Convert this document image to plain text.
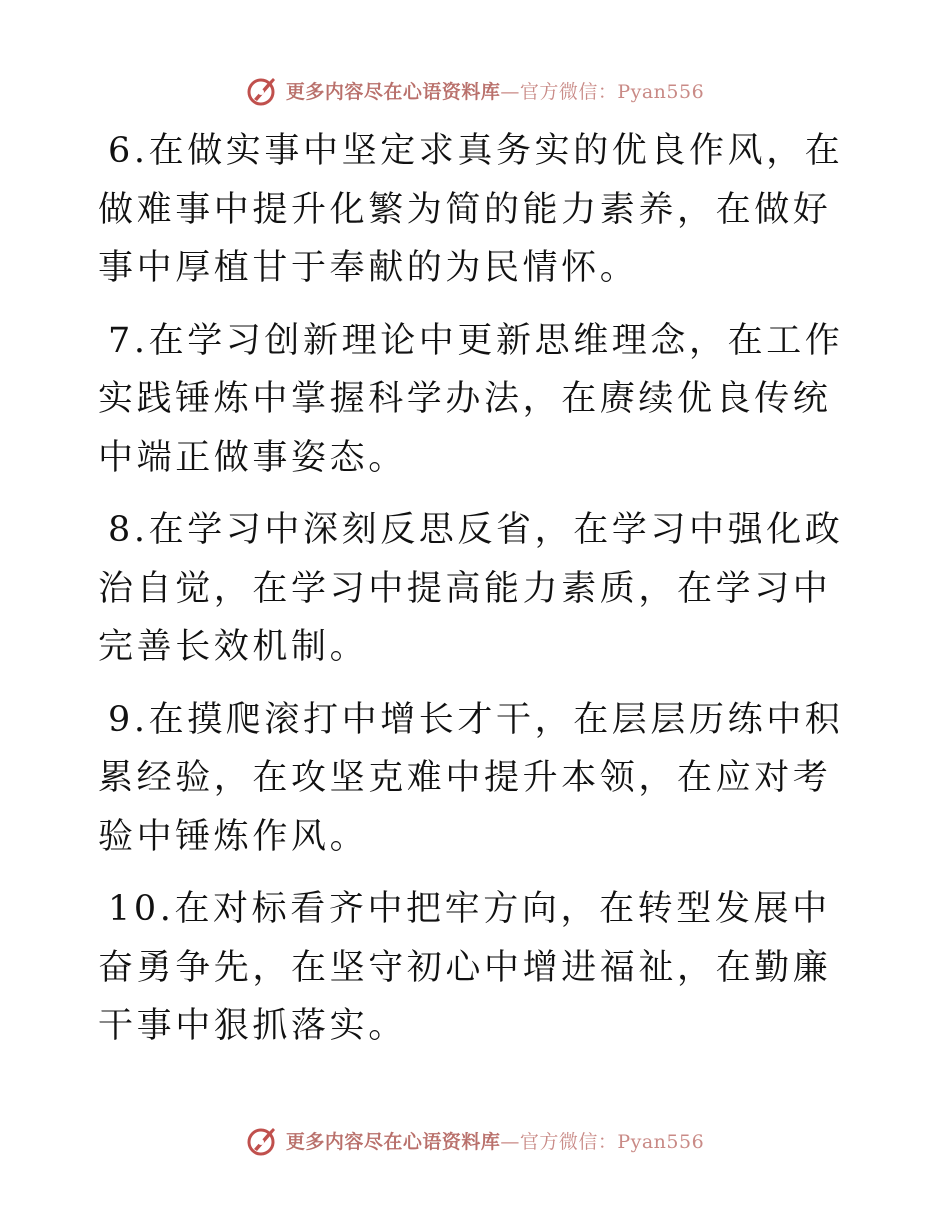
更多内容尽在心语资料库—官方微信：Pyan556

6.在做实事中坚定求真务实的优良作风，在做难事中提升化繁为简的能力素养，在做好事中厚植甘于奉献的为民情怀。

7.在学习创新理论中更新思维理念，在工作实践锤炼中掌握科学办法，在赓续优良传统中端正做事姿态。

8.在学习中深刻反思反省，在学习中强化政治自觉，在学习中提高能力素质，在学习中完善长效机制。

9.在摸爬滚打中增长才干，在层层历练中积累经验，在攻坚克难中提升本领，在应对考验中锤炼作风。

10.在对标看齐中把牢方向，在转型发展中奋勇争先，在坚守初心中增进福祉，在勤廉干事中狠抓落实。

更多内容尽在心语资料库—官方微信：Pyan556
